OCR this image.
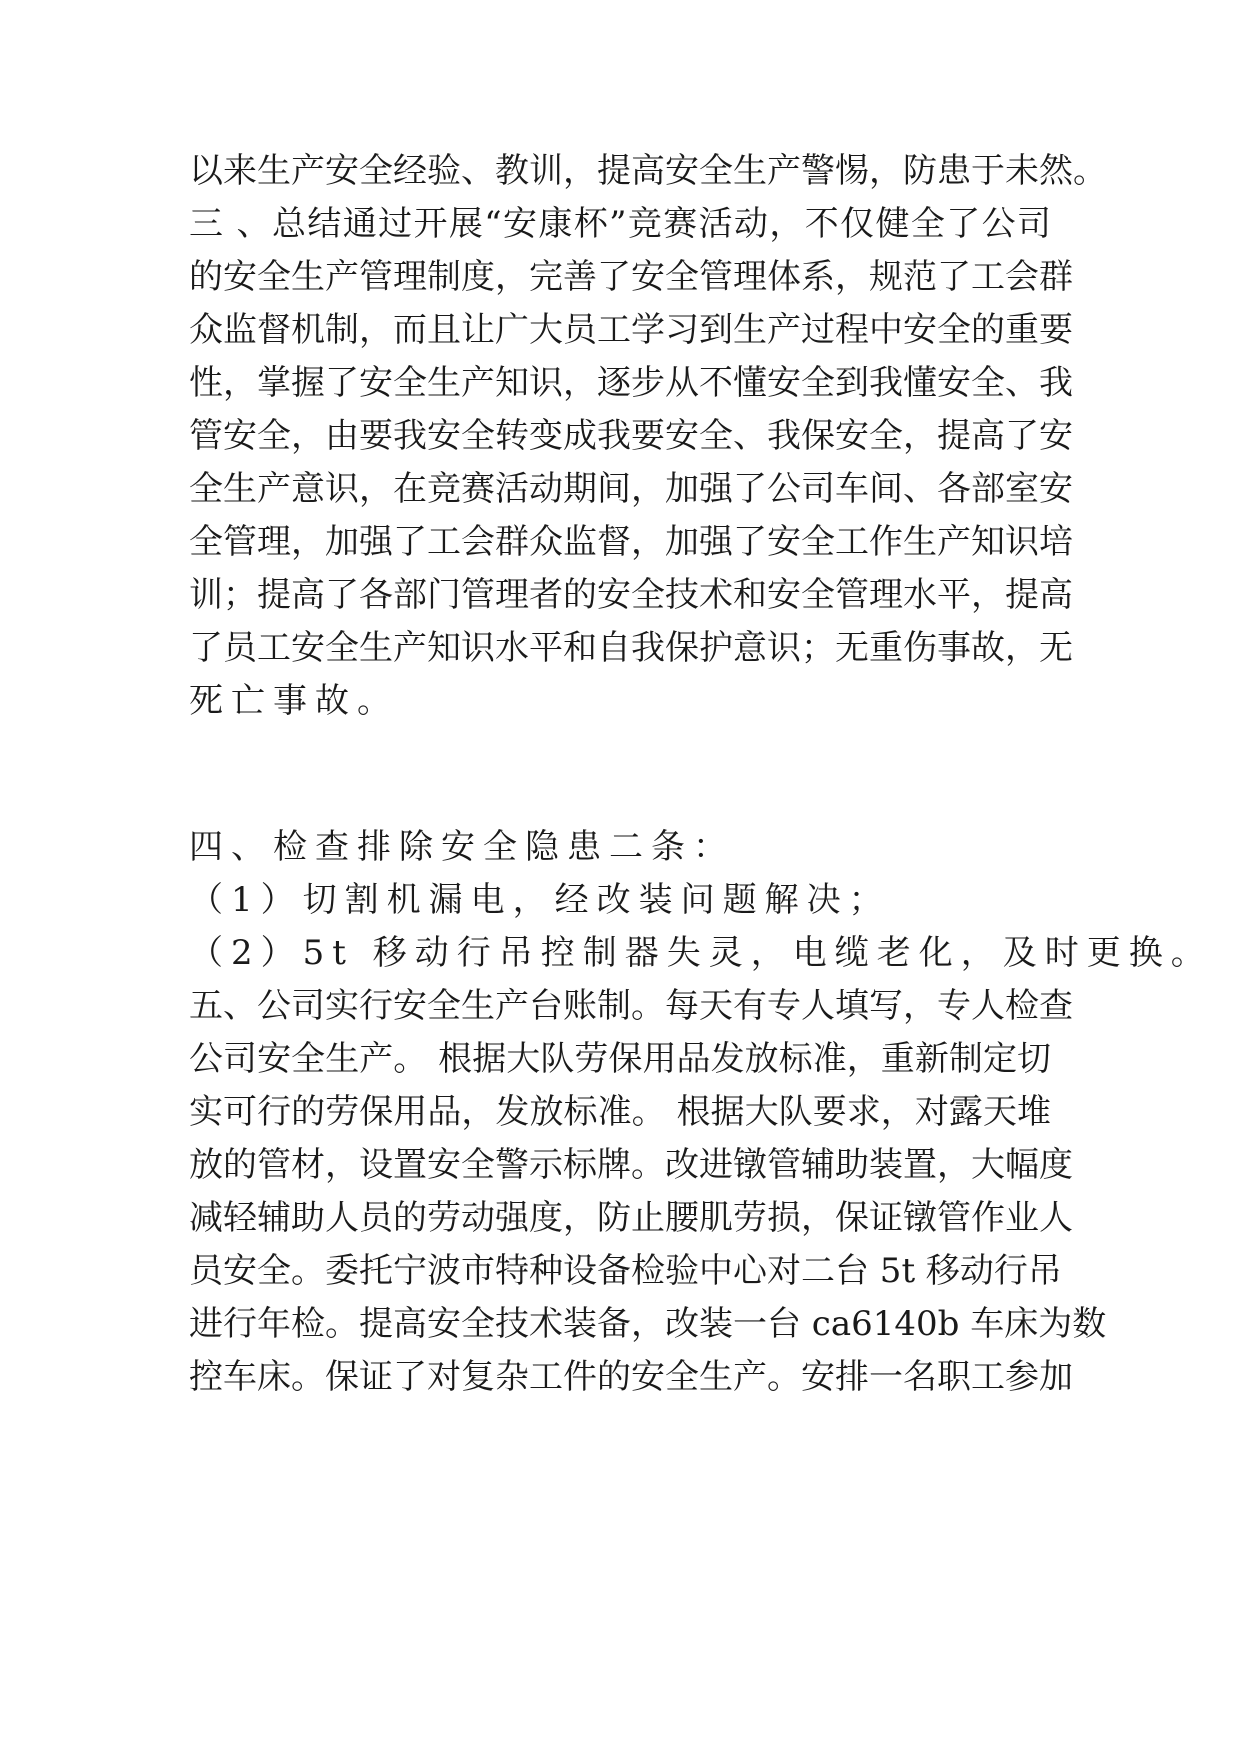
以来生产安全经验、教训，提高安全生产警惕，防患于未然。
三 、总结通过开展“安康杯”竞赛活动，不仅健全了公司
的安全生产管理制度，完善了安全管理体系，规范了工会群
众监督机制，而且让广大员工学习到生产过程中安全的重要
性，掌握了安全生产知识，逐步从不懂安全到我懂安全、我
管安全，由要我安全转变成我要安全、我保安全，提高了安
全生产意识，在竞赛活动期间，加强了公司车间、各部室安
全管理，加强了工会群众监督，加强了安全工作生产知识培
训；提高了各部门管理者的安全技术和安全管理水平，提高
了员工安全生产知识水平和自我保护意识；无重伤事故，无
死亡事故。
四、检查排除安全隐患二条：
（1）切割机漏电，经改装问题解决；
（2）5t 移动行吊控制器失灵，电缆老化，及时更换。
五、公司实行安全生产台账制。每天有专人填写，专人检查
公司安全生产。 根据大队劳保用品发放标准，重新制定切
实可行的劳保用品，发放标准。 根据大队要求，对露天堆
放的管材，设置安全警示标牌。改进镦管辅助装置，大幅度
减轻辅助人员的劳动强度，防止腰肌劳损，保证镦管作业人
员安全。委托宁波市特种设备检验中心对二台 5t 移动行吊
进行年检。提高安全技术装备，改装一台 ca6140b 车床为数
控车床。保证了对复杂工件的安全生产。安排一名职工参加
